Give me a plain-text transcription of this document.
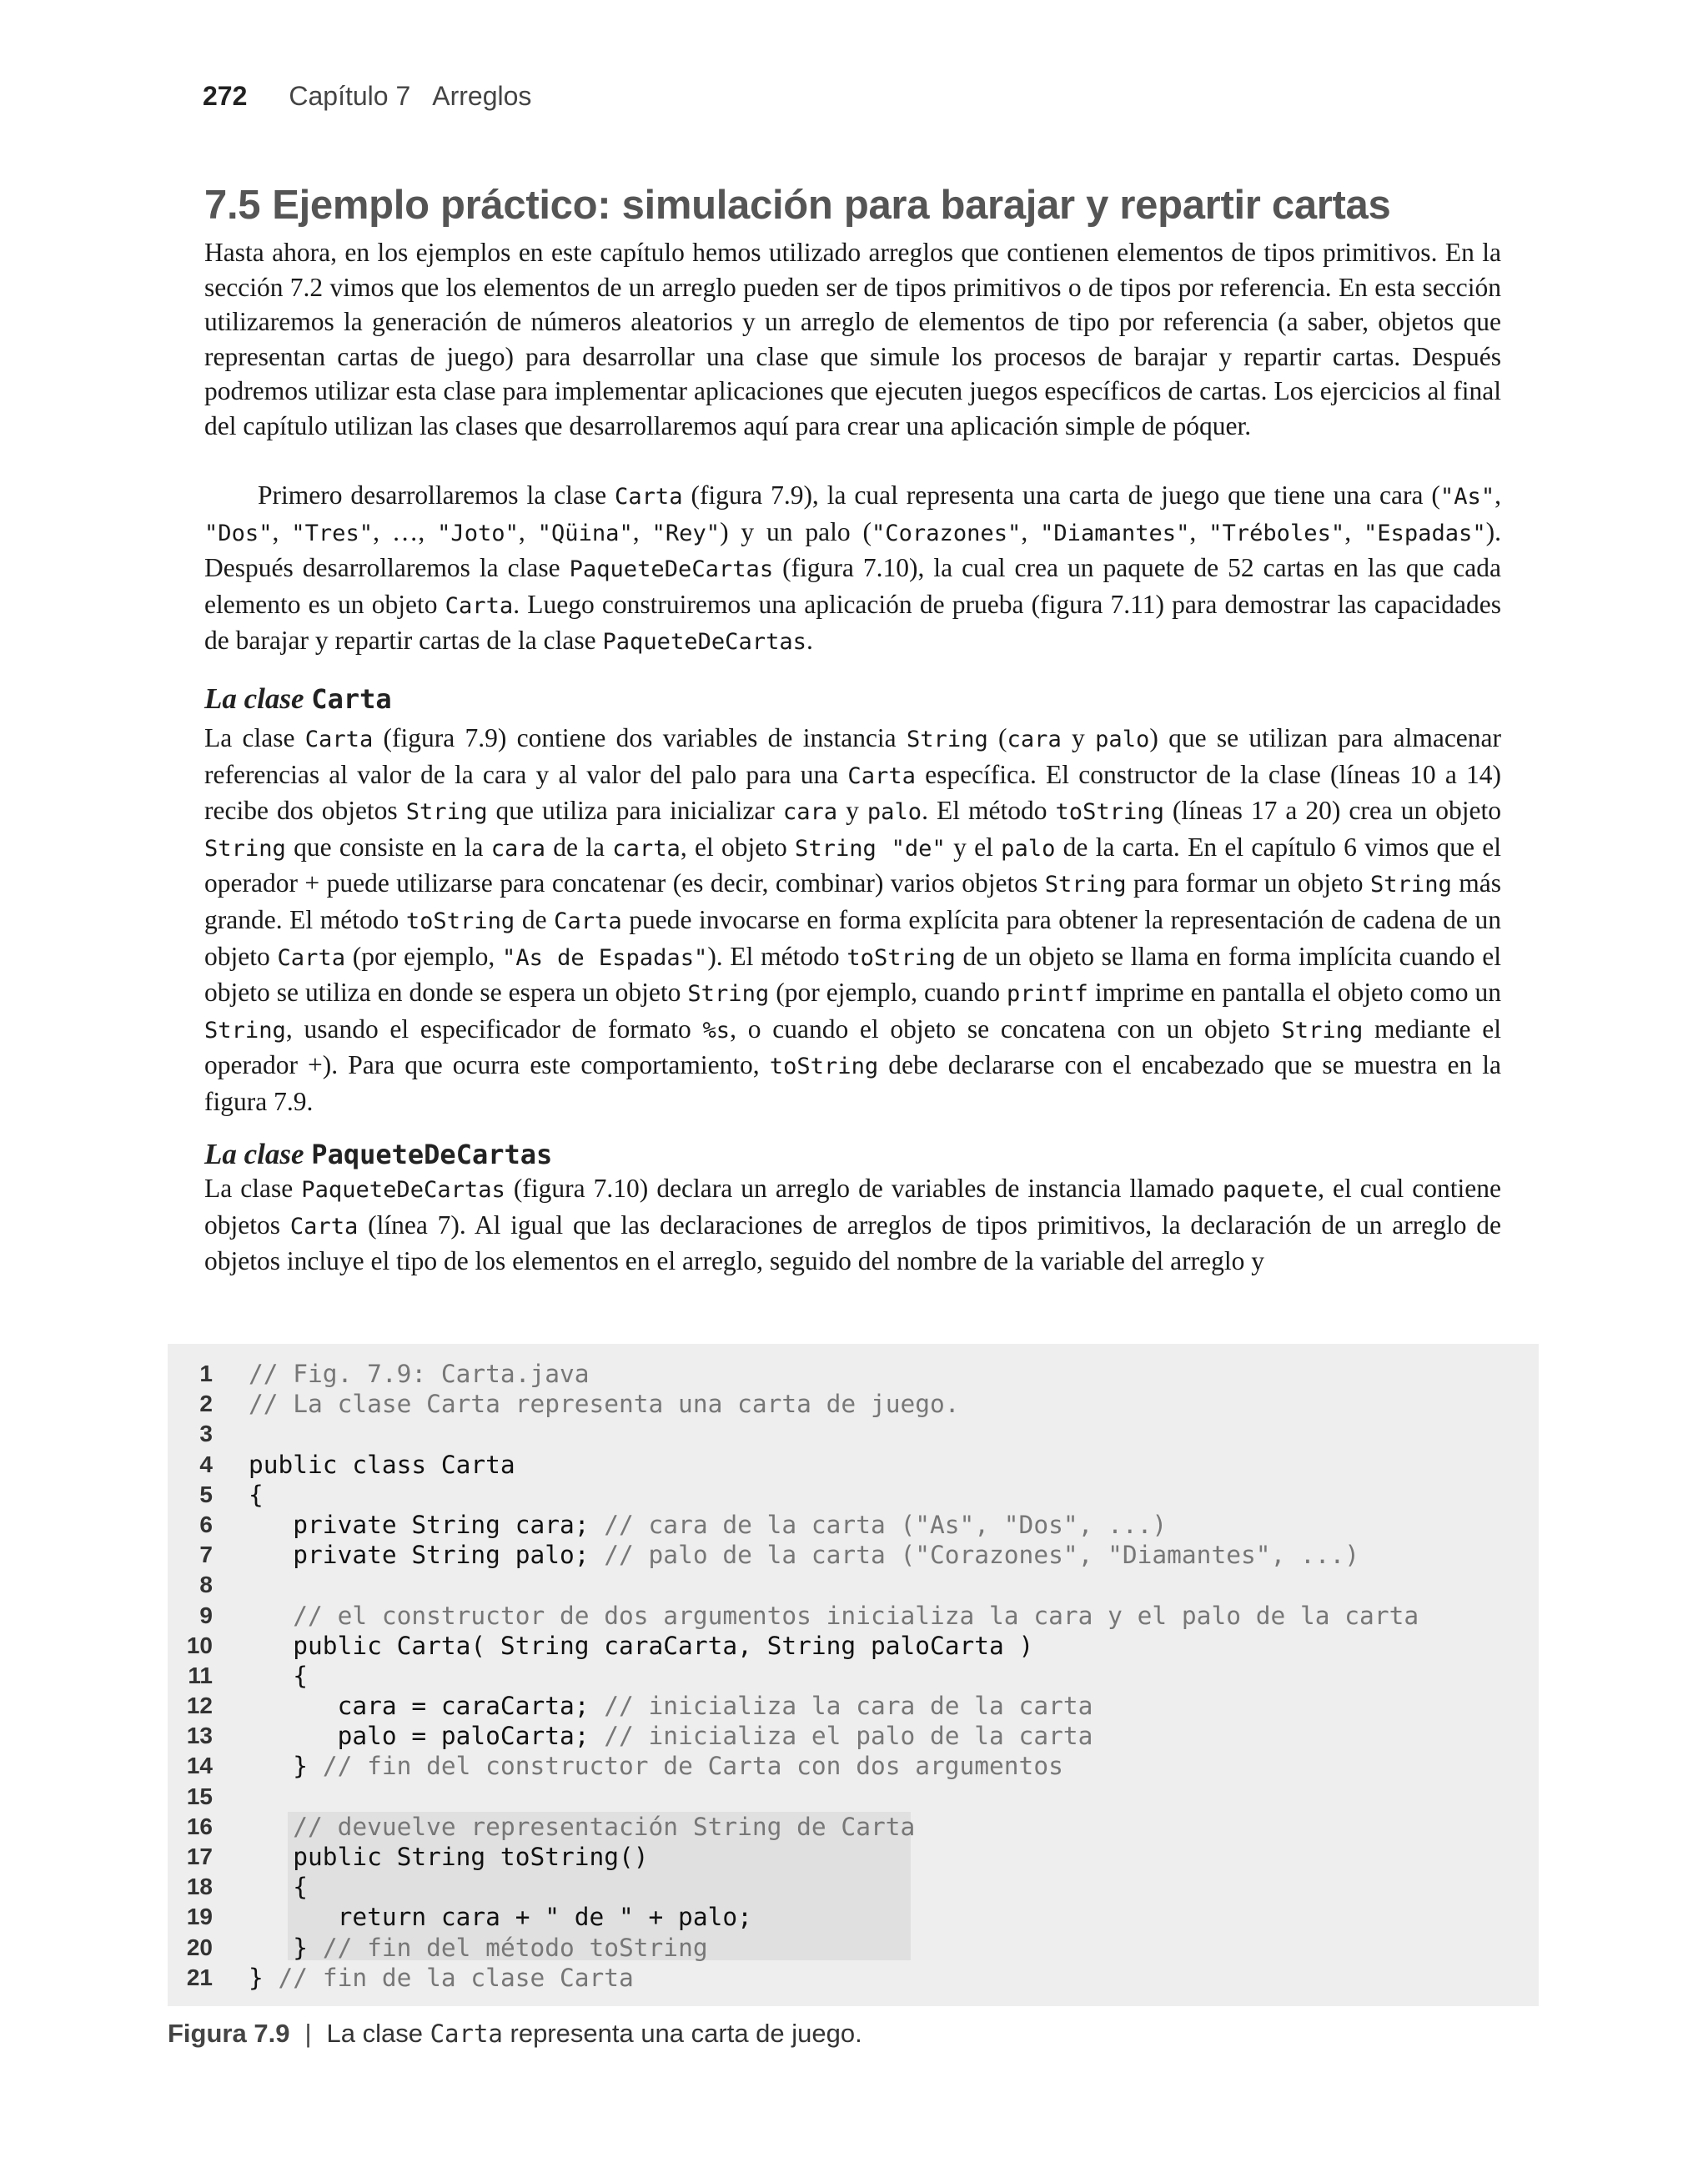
272 Capítulo 7 Arreglos
7.5 Ejemplo práctico: simulación para barajar y repartir cartas

Hasta ahora, en los ejemplos en este capítulo hemos utilizado arreglos que contienen elementos de tipos primitivos. En la sección 7.2 vimos que los elementos de un arreglo pueden ser de tipos primitivos o de tipos por referencia. En esta sección utilizaremos la generación de números aleatorios y un arreglo de elementos de tipo por referencia (a saber, objetos que representan cartas de juego) para desarrollar una clase que simule los procesos de barajar y repartir cartas. Después podremos utilizar esta clase para implementar aplicaciones que ejecuten juegos específicos de cartas. Los ejercicios al final del capítulo utilizan las clases que desarrollaremos aquí para crear una aplicación simple de póquer.

Primero desarrollaremos la clase Carta (figura 7.9), la cual representa una carta de juego que tiene una cara ("As", "Dos", "Tres", …, "Joto", "Qüina", "Rey") y un palo ("Corazones", "Diamantes", "Tréboles", "Espadas"). Después desarrollaremos la clase PaqueteDeCartas (figura 7.10), la cual crea un paquete de 52 cartas en las que cada elemento es un objeto Carta. Luego construiremos una aplicación de prueba (figura 7.11) para demostrar las capacidades de barajar y repartir cartas de la clase PaqueteDeCartas.

La clase Carta

La clase Carta (figura 7.9) contiene dos variables de instancia String (cara y palo) que se utilizan para almacenar referencias al valor de la cara y al valor del palo para una Carta específica. El constructor de la clase (líneas 10 a 14) recibe dos objetos String que utiliza para inicializar cara y palo. El método toString (líneas 17 a 20) crea un objeto String que consiste en la cara de la carta, el objeto String "de" y el palo de la carta. En el capítulo 6 vimos que el operador + puede utilizarse para concatenar (es decir, combinar) varios objetos String para formar un objeto String más grande. El método toString de Carta puede invocarse en forma explícita para obtener la representación de cadena de un objeto Carta (por ejemplo, "As de Espadas"). El método toString de un objeto se llama en forma implícita cuando el objeto se utiliza en donde se espera un objeto String (por ejemplo, cuando printf imprime en pantalla el objeto como un String, usando el especificador de formato %s, o cuando el objeto se concatena con un objeto String mediante el operador +). Para que ocurra este comportamiento, toString debe declararse con el encabezado que se muestra en la figura 7.9.

La clase PaqueteDeCartas

La clase PaqueteDeCartas (figura 7.10) declara un arreglo de variables de instancia llamado paquete, el cual contiene objetos Carta (línea 7). Al igual que las declaraciones de arreglos de tipos primitivos, la declaración de un arreglo de objetos incluye el tipo de los elementos en el arreglo, seguido del nombre de la variable del arreglo y

1 // Fig. 7.9: Carta.java
2 // La clase Carta representa una carta de juego.
3
4 public class Carta
5 {
6 private String cara; // cara de la carta ("As", "Dos", ...)
7 private String palo; // palo de la carta ("Corazones", "Diamantes", ...)
8
9	// el constructor de dos argumentos inicializa la cara y el palo de la carta
10 public Carta( String caraCarta, String paloCarta )
11 {
12 cara = caraCarta; // inicializa la cara de la carta
13 palo = paloCarta; // inicializa el palo de la carta
14 } // fin del constructor de Carta con dos argumentos
15
16	// devuelve representación String de Carta
17 public String toString()
18 {
19 return cara + " de " + palo;
20 } // fin del método toString
21 } // fin de la clase Carta
Figura 7.9 | La clase Carta representa una carta de juego.
